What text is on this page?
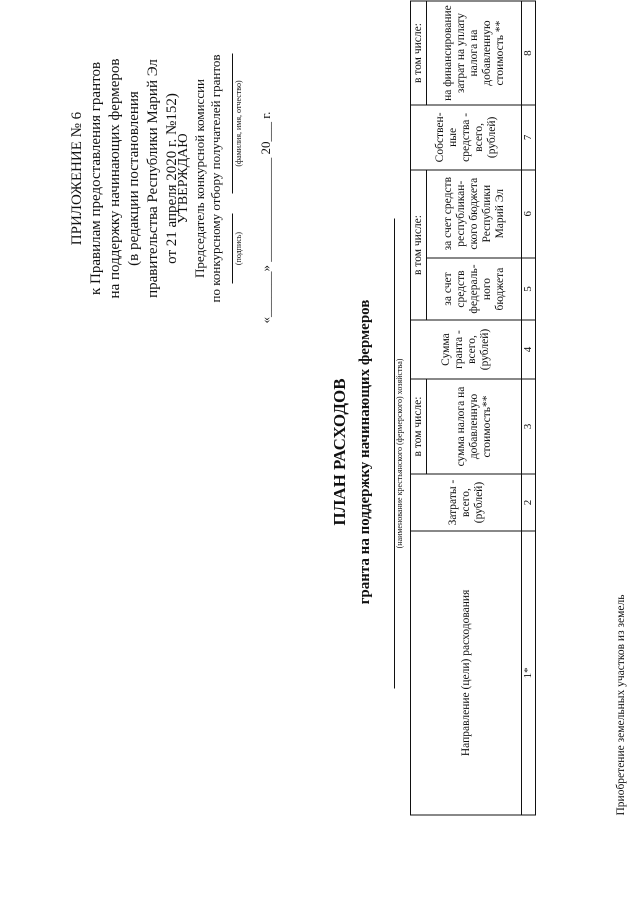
ПРИЛОЖЕНИЕ № 6 к Правилам предоставления грантов на поддержку начинающих фермеров (в редакции постановления правительства Республики Марий Эл от 21 апреля 2020 г. №152)
УТВЕРЖДАЮ Председатель конкурсной комиссии по конкурсному отбору получателей грантов (подпись)
(фамилия, имя, отчество) «_______» ________________ 20___ г.
ПЛАН РАСХОДОВ гранта на поддержку начинающих фермеров	(наименование крестьянского (фермерского) хозяйства)
Направление (цели) расходования	Затраты - всего, (рублей)	в том числе:	Сумма гранта - всего, (рублей)	в том числе:		Собствен-ные средства - всего, (рублей)	в том числе:
		сумма налога на добавленную стоимость**		за счет средств федераль-ного бюджета	за счет средств республикан-ского бюджета Республики Марий Эл		на финансирование затрат на уплату налога на добавленную стоимость **
1*	2	3	4	5	6	7	8
Приобретение земельных участков из земель
